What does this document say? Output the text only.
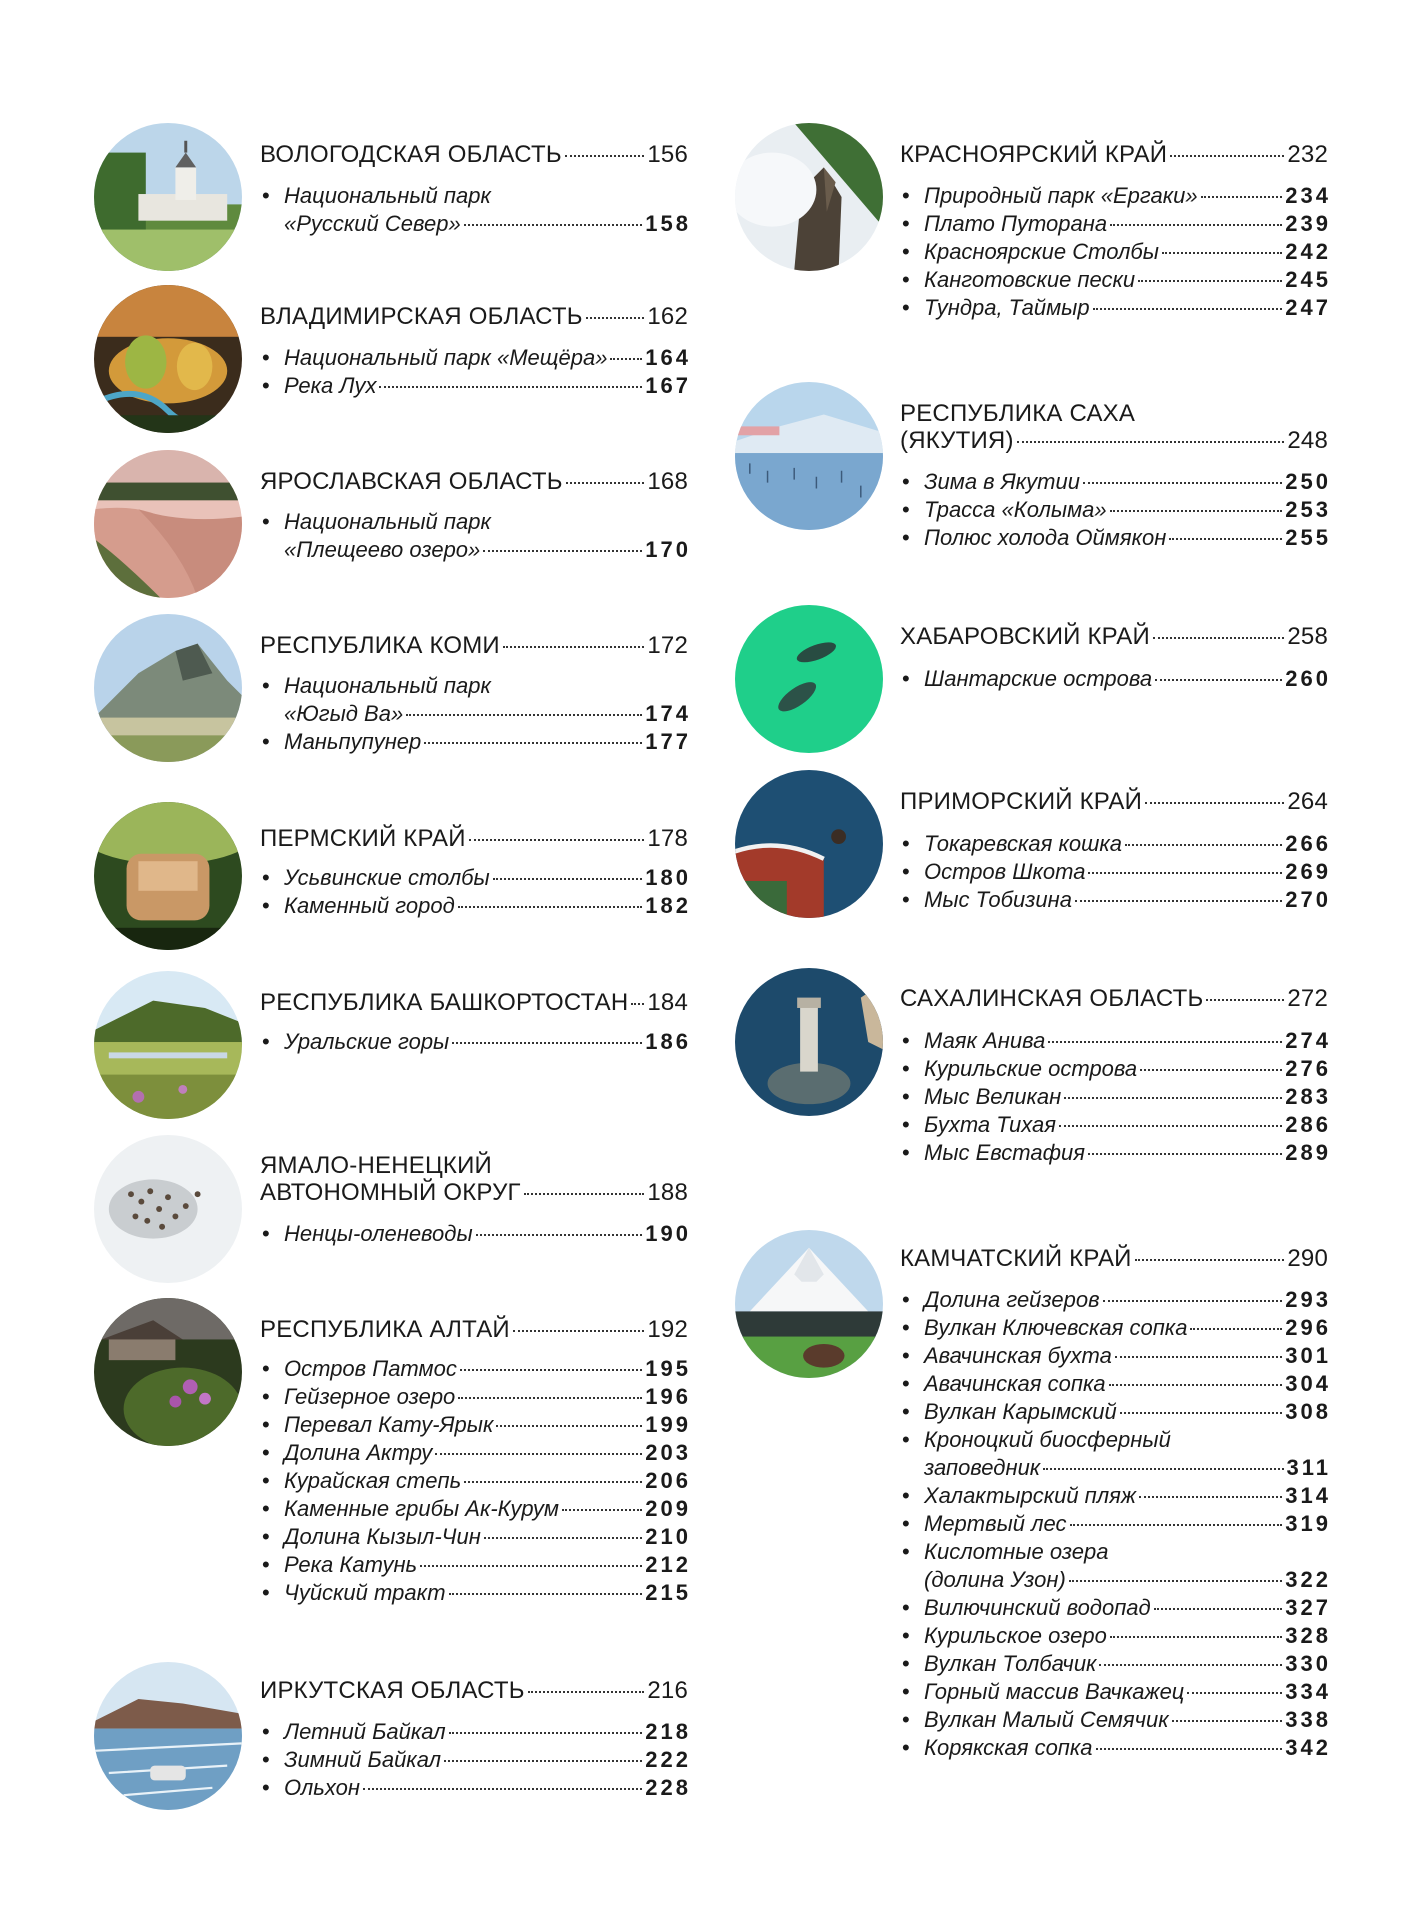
ВОЛОГОДСКАЯ ОБЛАСТЬ	156
• Национальный парк
«Русский Север»	158
ВЛАДИМИРСКАЯ ОБЛАСТЬ	162
• Национальный парк «Мещёра» 164
• Река Лух	167
ЯРОСЛАВСКАЯ ОБЛАСТЬ	168
• Национальный парк
«Плещеево озеро»	170
РЕСПУБЛИКА КОМИ	172
• Национальный парк
«Югыд Ва»	174
• Маньпупунер	177
ПЕРМСКИЙ КРАЙ	178
• Усьвинские столбы	180
• Каменный город	182
РЕСПУБЛИКА БАШКОРТОСТАН 184
• Уральские горы	186
ЯМАЛО-НЕНЕЦКИЙ
АВТОНОМНЫЙ ОКРУГ	188
• Ненцы-оленеводы	190
РЕСПУБЛИКА АЛТАЙ	192
• Остров Патмос	195
• Гейзерное озеро	196
• Перевал Кату-Ярык	199
• Долина Актру	203
• Курайская степь	206
• Каменные грибы Ак-Курум	209
• Долина Кызыл-Чин	210
• Река Катунь	212
• Чуйский тракт	215
ИРКУТСКАЯ ОБЛАСТЬ	216
• Летний Байкал	218
• Зимний Байкал	222
• Ольхон	228
КРАСНОЯРСКИЙ КРАЙ	232
• Природный парк «Ергаки»	234
• Плато Путорана	239
• Красноярские Столбы	242
• Канготовские пески	245
• Тундра, Таймыр	247
РЕСПУБЛИКА САХА
(ЯКУТИЯ)	248
• Зима в Якутии	250
• Трасса «Колыма»	253
• Полюс холода Оймякон	255
ХАБАРОВСКИЙ КРАЙ	258
• Шантарские острова	260
ПРИМОРСКИЙ КРАЙ	264
• Токаревская кошка	266
• Остров Шкота	269
• Мыс Тобизина	270
САХАЛИНСКАЯ ОБЛАСТЬ	272
• Маяк Анива	274
• Курильские острова	276
• Мыс Великан	283
• Бухта Тихая	286
• Мыс Евстафия	289
КАМЧАТСКИЙ КРАЙ	290
• Долина гейзеров	293
• Вулкан Ключевская сопка	296
• Авачинская бухта	301
• Авачинская сопка	304
• Вулкан Карымский	308
• Кроноцкий биосферный
заповедник	311
• Халактырский пляж	314
• Мертвый лес	319
• Кислотные озера
(долина Узон)	322
• Вилючинский водопад	327
• Курильское озеро	328
• Вулкан Толбачик	330
• Горный массив Вачкажец	334
• Вулкан Малый Семячик	338
• Корякская сопка	342
